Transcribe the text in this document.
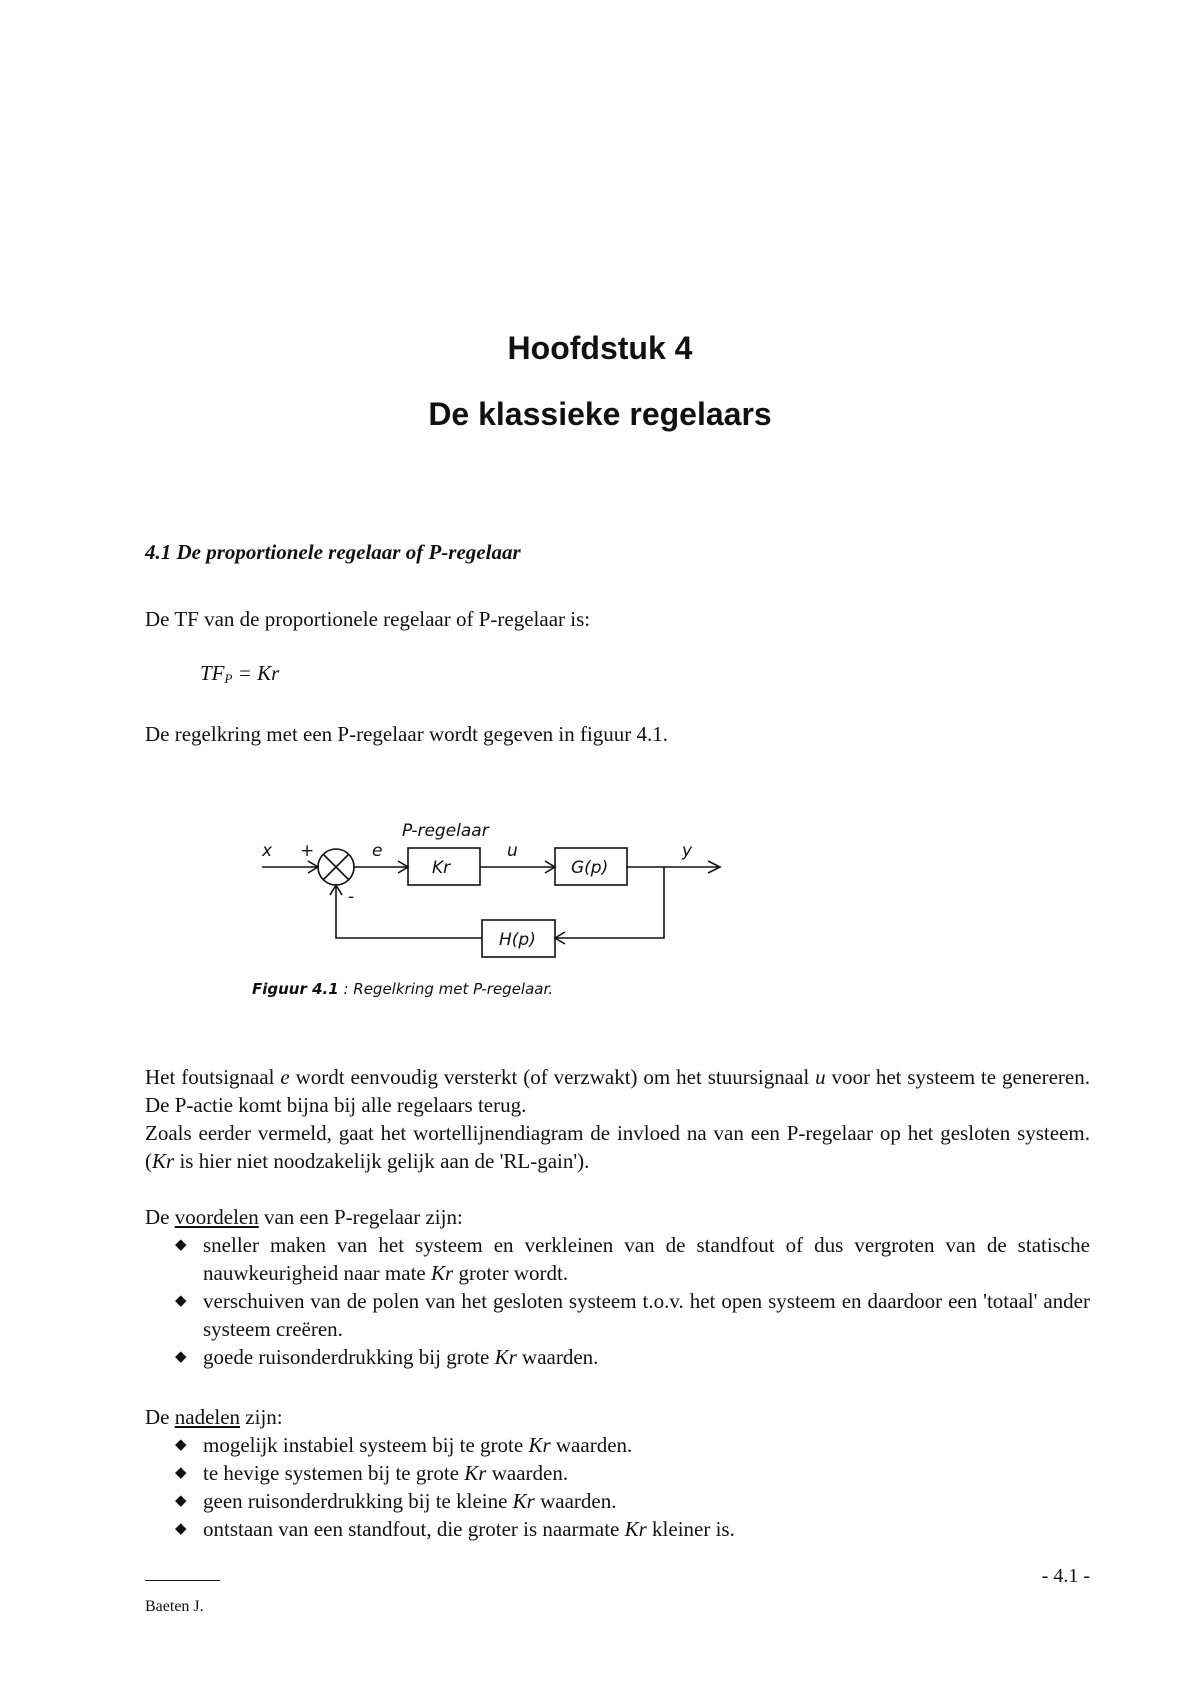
Hoofdstuk 4
De klassieke regelaars
4.1 De proportionele regelaar of P-regelaar
De TF van de proportionele regelaar of P-regelaar is:
$TF_P = Kr$
De regelkring met een P-regelaar wordt gegeven in figuur 4.1.
x +
-
e
P-regelaar
u	y
Kr	G(p)
H(p)
Figuur 4.1 : Regelkring met P-regelaar.
Het foutsignaal e wordt eenvoudig versterkt (of verzwakt) om het stuursignaal u voor het systeem te genereren. De P-actie komt bijna bij alle regelaars terug.
Zoals eerder vermeld, gaat het wortellijnendiagram de invloed na van een P-regelaar op het gesloten systeem. (Kr is hier niet noodzakelijk gelijk aan de 'RL-gain').
De voordelen van een P-regelaar zijn:
◆ sneller maken van het systeem en verkleinen van de standfout of dus vergroten van de statische nauwkeurigheid naar mate Kr groter wordt.
◆ verschuiven van de polen van het gesloten systeem t.o.v. het open systeem en daardoor een 'totaal' ander systeem creëren.
◆ goede ruisonderdrukking bij grote Kr waarden.
De nadelen zijn:
◆ mogelijk instabiel systeem bij te grote Kr waarden.
◆ te hevige systemen bij te grote Kr waarden.
◆ geen ruisonderdrukking bij te kleine Kr waarden.
◆ ontstaan van een standfout, die groter is naarmate Kr kleiner is.
- 4.1 -
Baeten J.
